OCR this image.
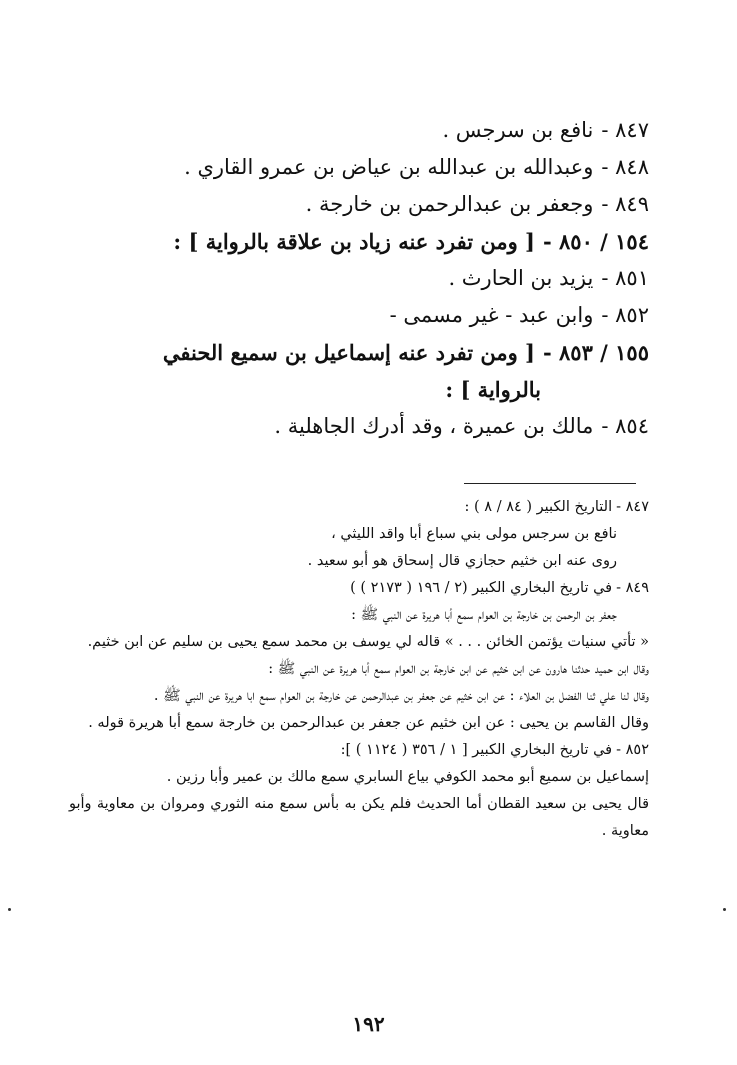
٨٤٧ -نافع بن سرجس .
٨٤٨ -وعبدالله بن عبدالله بن عياض بن عمرو القاري .
٨٤٩ -وجعفر بن عبدالرحمن بن خارجة .
١٥٤ / ٨٥٠ -[ ومن تفرد عنه زياد بن علاقة بالرواية ] :
٨٥١ -يزيد بن الحارث .
٨٥٢ -وابن عبد - غير مسمى -
١٥٥ / ٨٥٣ -[ ومن تفرد عنه إسماعيل بن سميع الحنفي
بالرواية ] :
٨٥٤ -مالك بن عميرة ، وقد أدرك الجاهلية .
٨٤٧ -التاريخ الكبير ( ٨٤ / ٨ ) :
نافع بن سرجس مولى بني سباع أبا واقد الليثي ،
روى عنه ابن خثيم حجازي قال إسحاق هو أبو سعيد .
٨٤٩ -في تاريخ البخاري الكبير (٢ / ١٩٦ ( ٢١٧٣ ) )
جعفر بن الرحمن بن خارجة بن العوام سمع أبا هريرة عن النبي ﷺ :
« تأتي سنيات يؤتمن الخائن . . . » قاله لي يوسف بن محمد سمع يحيى بن سليم عن ابن خثيم.
وقال ابن حميد حدثنا هارون عن ابن خثيم عن ابن خارجة بن العوام سمع أبا هريرة عن النبي ﷺ :
وقال لنا علي ثنا الفضل بن العلاء : عن ابن خثيم عن جعفر بن عبدالرحمن عن خارجة بن العوام سمع ابا هريرة عن النبي ﷺ .
وقال القاسم بن يحيى : عن ابن خثيم عن جعفر بن عبدالرحمن بن خارجة سمع أبا هريرة قوله .
٨٥٢ -في تاريخ البخاري الكبير [ ١ / ٣٥٦ ( ١١٢٤ ) ]:
إسماعيل بن سميع أبو محمد الكوفي بياع السابري سمع مالك بن عمير وأبا رزين .
قال يحيى بن سعيد القطان أما الحديث فلم يكن به بأس سمع منه الثوري ومروان بن معاوية وأبو معاوية .
١٩٢
